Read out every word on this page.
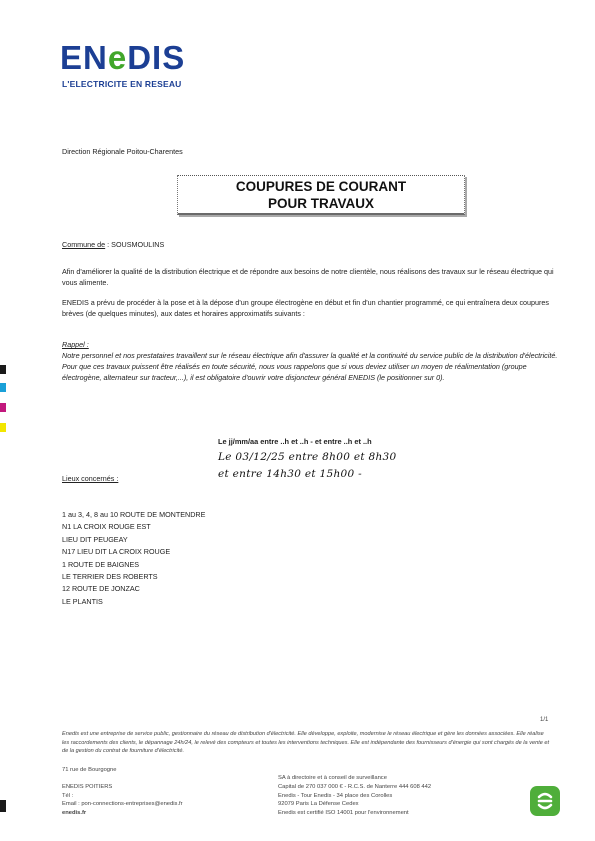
ENeDIS
L'ELECTRICITE EN RESEAU
Direction Régionale Poitou-Charentes
COUPURES DE COURANT
POUR TRAVAUX
Commune de : SOUSMOULINS
Afin d'améliorer la qualité de la distribution électrique et de répondre aux besoins de notre clientèle, nous réalisons des travaux sur le réseau électrique qui vous alimente.
ENEDIS a prévu de procéder à la pose et à la dépose d'un groupe électrogène en début et fin d'un chantier programmé, ce qui entraînera deux coupures brèves (de quelques minutes), aux dates et horaires approximatifs suivants :
Rappel :
Notre personnel et nos prestataires travaillent sur le réseau électrique afin d'assurer la qualité et la continuité du service public de la distribution d'électricité.
Pour que ces travaux puissent être réalisés en toute sécurité, nous vous rappelons que si vous deviez utiliser un moyen de réalimentation (groupe électrogène, alternateur sur tracteur,...), il est obligatoire d'ouvrir votre disjoncteur général ENEDIS (le positionner sur 0).
Le jj/mm/aa entre ..h et ..h - et entre ..h et ..h
Le 03/12/25 entre 8h00 et 8h30
et entre 14h30 et 15h00 -
Lieux concernés :
1 au 3, 4, 8 au 10 ROUTE DE MONTENDRE
N1 LA CROIX ROUGE EST
LIEU DIT PEUGEAY
N17 LIEU DIT LA CROIX ROUGE
1 ROUTE DE BAIGNES
LE TERRIER DES ROBERTS
12 ROUTE DE JONZAC
LE PLANTIS
1/1
Enedis est une entreprise de service public, gestionnaire du réseau de distribution d'électricité. Elle développe, exploite, modernise le réseau électrique et gère les données associées. Elle réalise les raccordements des clients, le dépannage 24h/24, le relevé des compteurs et toutes les interventions techniques. Elle est indépendante des fournisseurs d'énergie qui sont chargés de la vente et de la gestion du contrat de fourniture d'électricité.
71 rue de Bourgogne
ENEDIS POITIERS
Tél :
Email : pon-connections-entreprises@enedis.fr
enedis.fr
SA à directoire et à conseil de surveillance
Capital de 270 037 000 € - R.C.S. de Nanterre 444 608 442
Enedis - Tour Enedis - 34 place des Corolles
92079 Paris La Défense Cedex
Enedis est certifié ISO 14001 pour l'environnement
